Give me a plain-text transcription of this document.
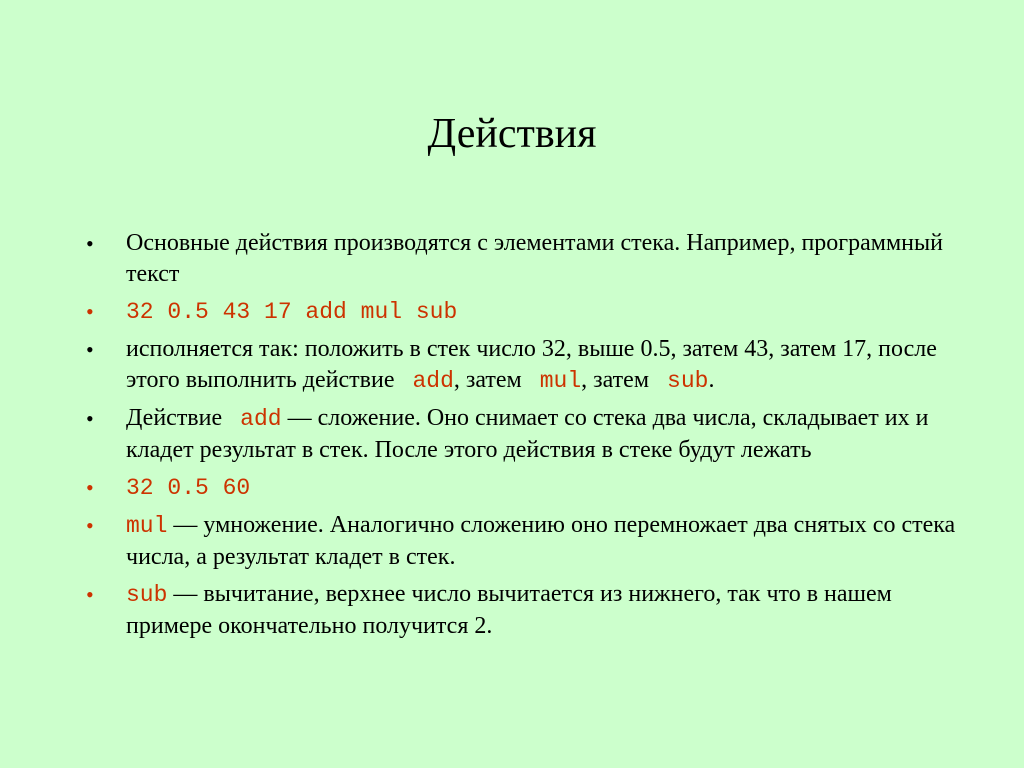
Действия
•	Основные действия производятся с элементами стека. Например, программный текст
•	32 0.5 43 17 add mul sub
•	исполняется так: положить в стек число 32, выше 0.5, затем 43, затем 17, после этого выполнить действие add, затем mul, затем sub.
•	Действие add — сложение. Оно снимает со стека два числа, складывает их и кладет результат в стек. После этого действия в стеке будут лежать
•	32 0.5 60
•	mul — умножение. Аналогично сложению оно перемножает два снятых со стека числа, а результат кладет в стек.
•	sub — вычитание, верхнее число вычитается из нижнего, так что в нашем примере окончательно получится 2.
